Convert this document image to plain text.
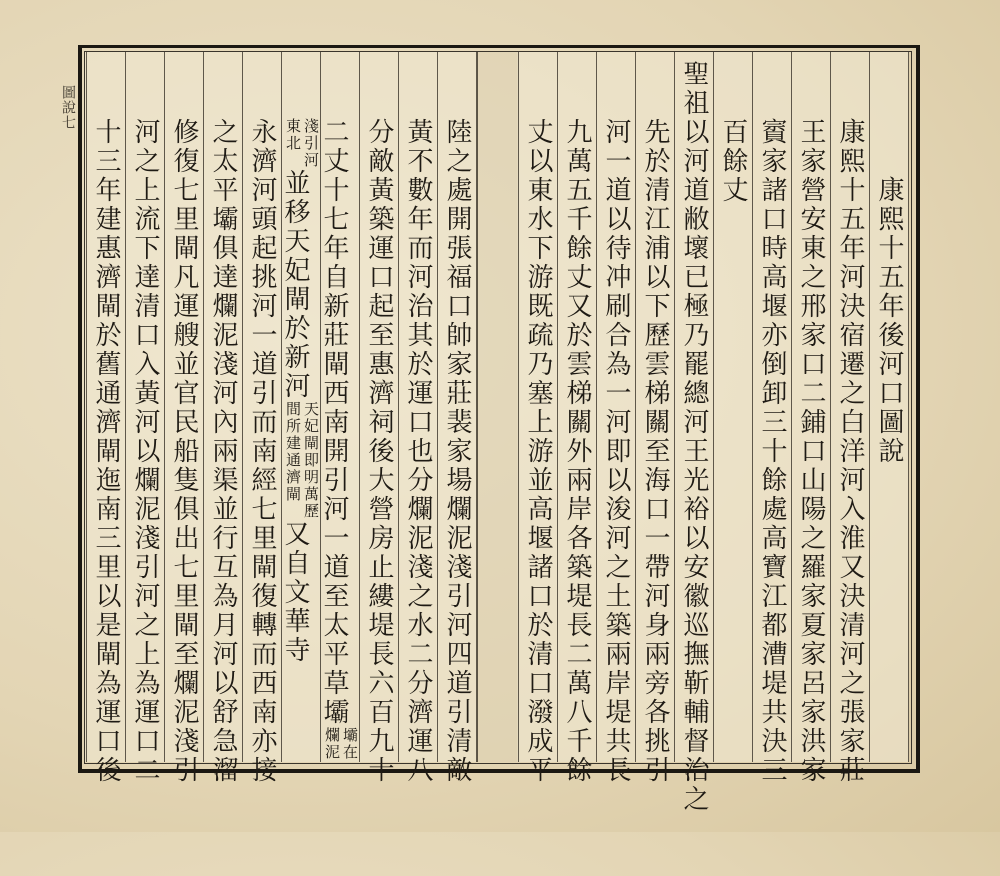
圖說七
康熙十五年後河口圖說
康熙十五年河決宿遷之白洋河入淮又決清河之張家莊
王家營安東之邢家口二鋪口山陽之羅家夏家呂家洪家
賨家諸口時高堰亦倒卸三十餘處高寶江都漕堤共決三
百餘丈
聖祖以河道敝壞已極乃罷總河王光裕以安徽巡撫靳輔督治之
先於清江浦以下歷雲梯關至海口一帶河身兩旁各挑引
河一道以待冲刷合為一河即以浚河之土築兩岸堤共長
九萬五千餘丈又於雲梯關外兩岸各築堤長二萬八千餘
丈以東水下游既疏乃塞上游並高堰諸口於清口潑成平
陸之處開張福口帥家莊裴家場爛泥淺引河四道引清敵
黃不數年而河治其於運口也分爛泥淺之水二分濟運八
分敵黃築運口起至惠濟祠後大營房止縷堤長六百九十
二丈十七年自新莊閘西南開引河一道至太平草壩
壩在
爛泥
淺引河
東北
並移天妃閘於新河
天妃閘即明萬歷
間所建通濟閘
又自文華寺
永濟河頭起挑河一道引而南經七里閘復轉而西南亦接
之太平壩俱達爛泥淺河內兩渠並行互為月河以舒急溜
修復七里閘凡運艘並官民船隻俱出七里閘至爛泥淺引
河之上流下達清口入黃河以爛泥淺引河之上為運口二
十三年建惠濟閘於舊通濟閘迤南三里以是閘為運口後
